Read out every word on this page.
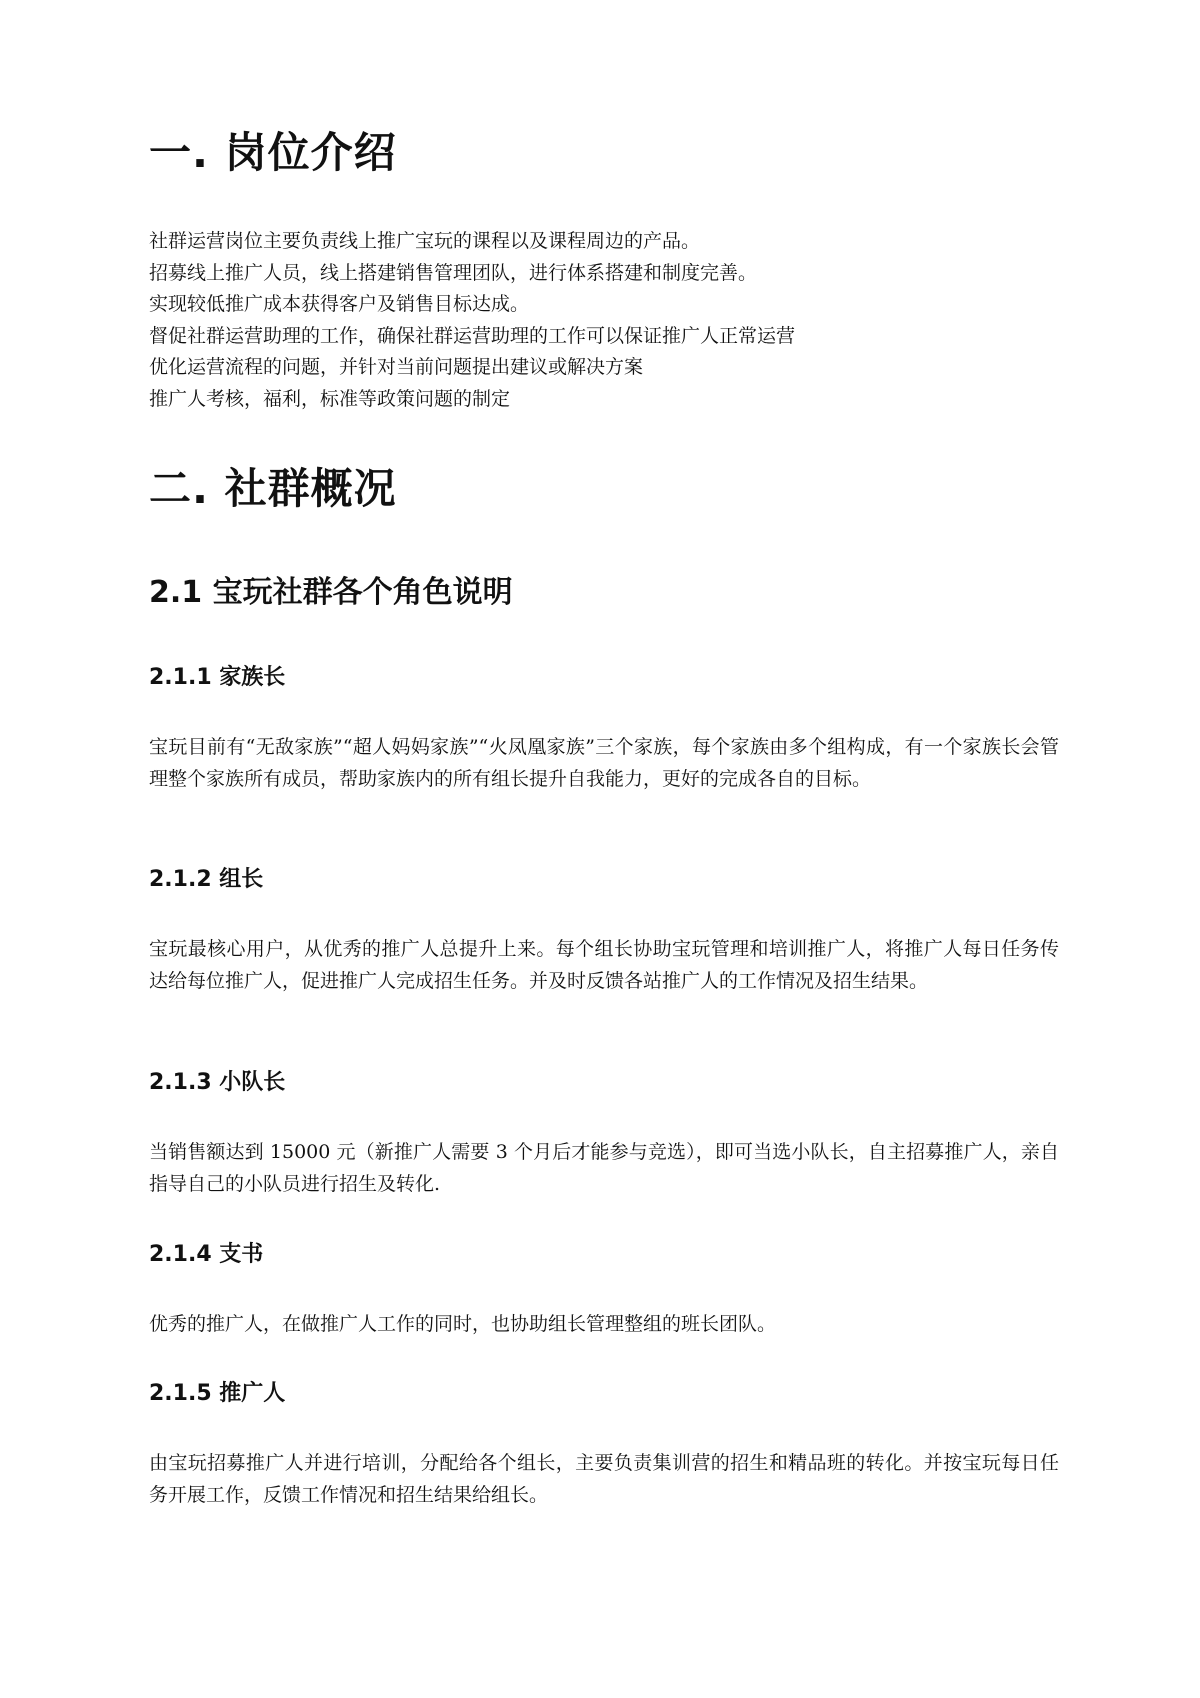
一. 岗位介绍
社群运营岗位主要负责线上推广宝玩的课程以及课程周边的产品。
招募线上推广人员，线上搭建销售管理团队，进行体系搭建和制度完善。
实现较低推广成本获得客户及销售目标达成。
督促社群运营助理的工作，确保社群运营助理的工作可以保证推广人正常运营
优化运营流程的问题，并针对当前问题提出建议或解决方案
推广人考核，福利，标准等政策问题的制定
二. 社群概况
2.1 宝玩社群各个角色说明
2.1.1 家族长

宝玩目前有“无敌家族”“超人妈妈家族”“火凤凰家族”三个家族，每个家族由多个组构成，有一个家族长会管理整个家族所有成员，帮助家族内的所有组长提升自我能力，更好的完成各自的目标。

2.1.2 组长

宝玩最核心用户，从优秀的推广人总提升上来。每个组长协助宝玩管理和培训推广人，将推广人每日任务传达给每位推广人，促进推广人完成招生任务。并及时反馈各站推广人的工作情况及招生结果。

2.1.3 小队长

当销售额达到 15000 元（新推广人需要 3 个月后才能参与竞选），即可当选小队长，自主招募推广人，亲自指导自己的小队员进行招生及转化.

2.1.4 支书

优秀的推广人，在做推广人工作的同时，也协助组长管理整组的班长团队。

2.1.5 推广人

由宝玩招募推广人并进行培训，分配给各个组长，主要负责集训营的招生和精品班的转化。并按宝玩每日任务开展工作，反馈工作情况和招生结果给组长。
